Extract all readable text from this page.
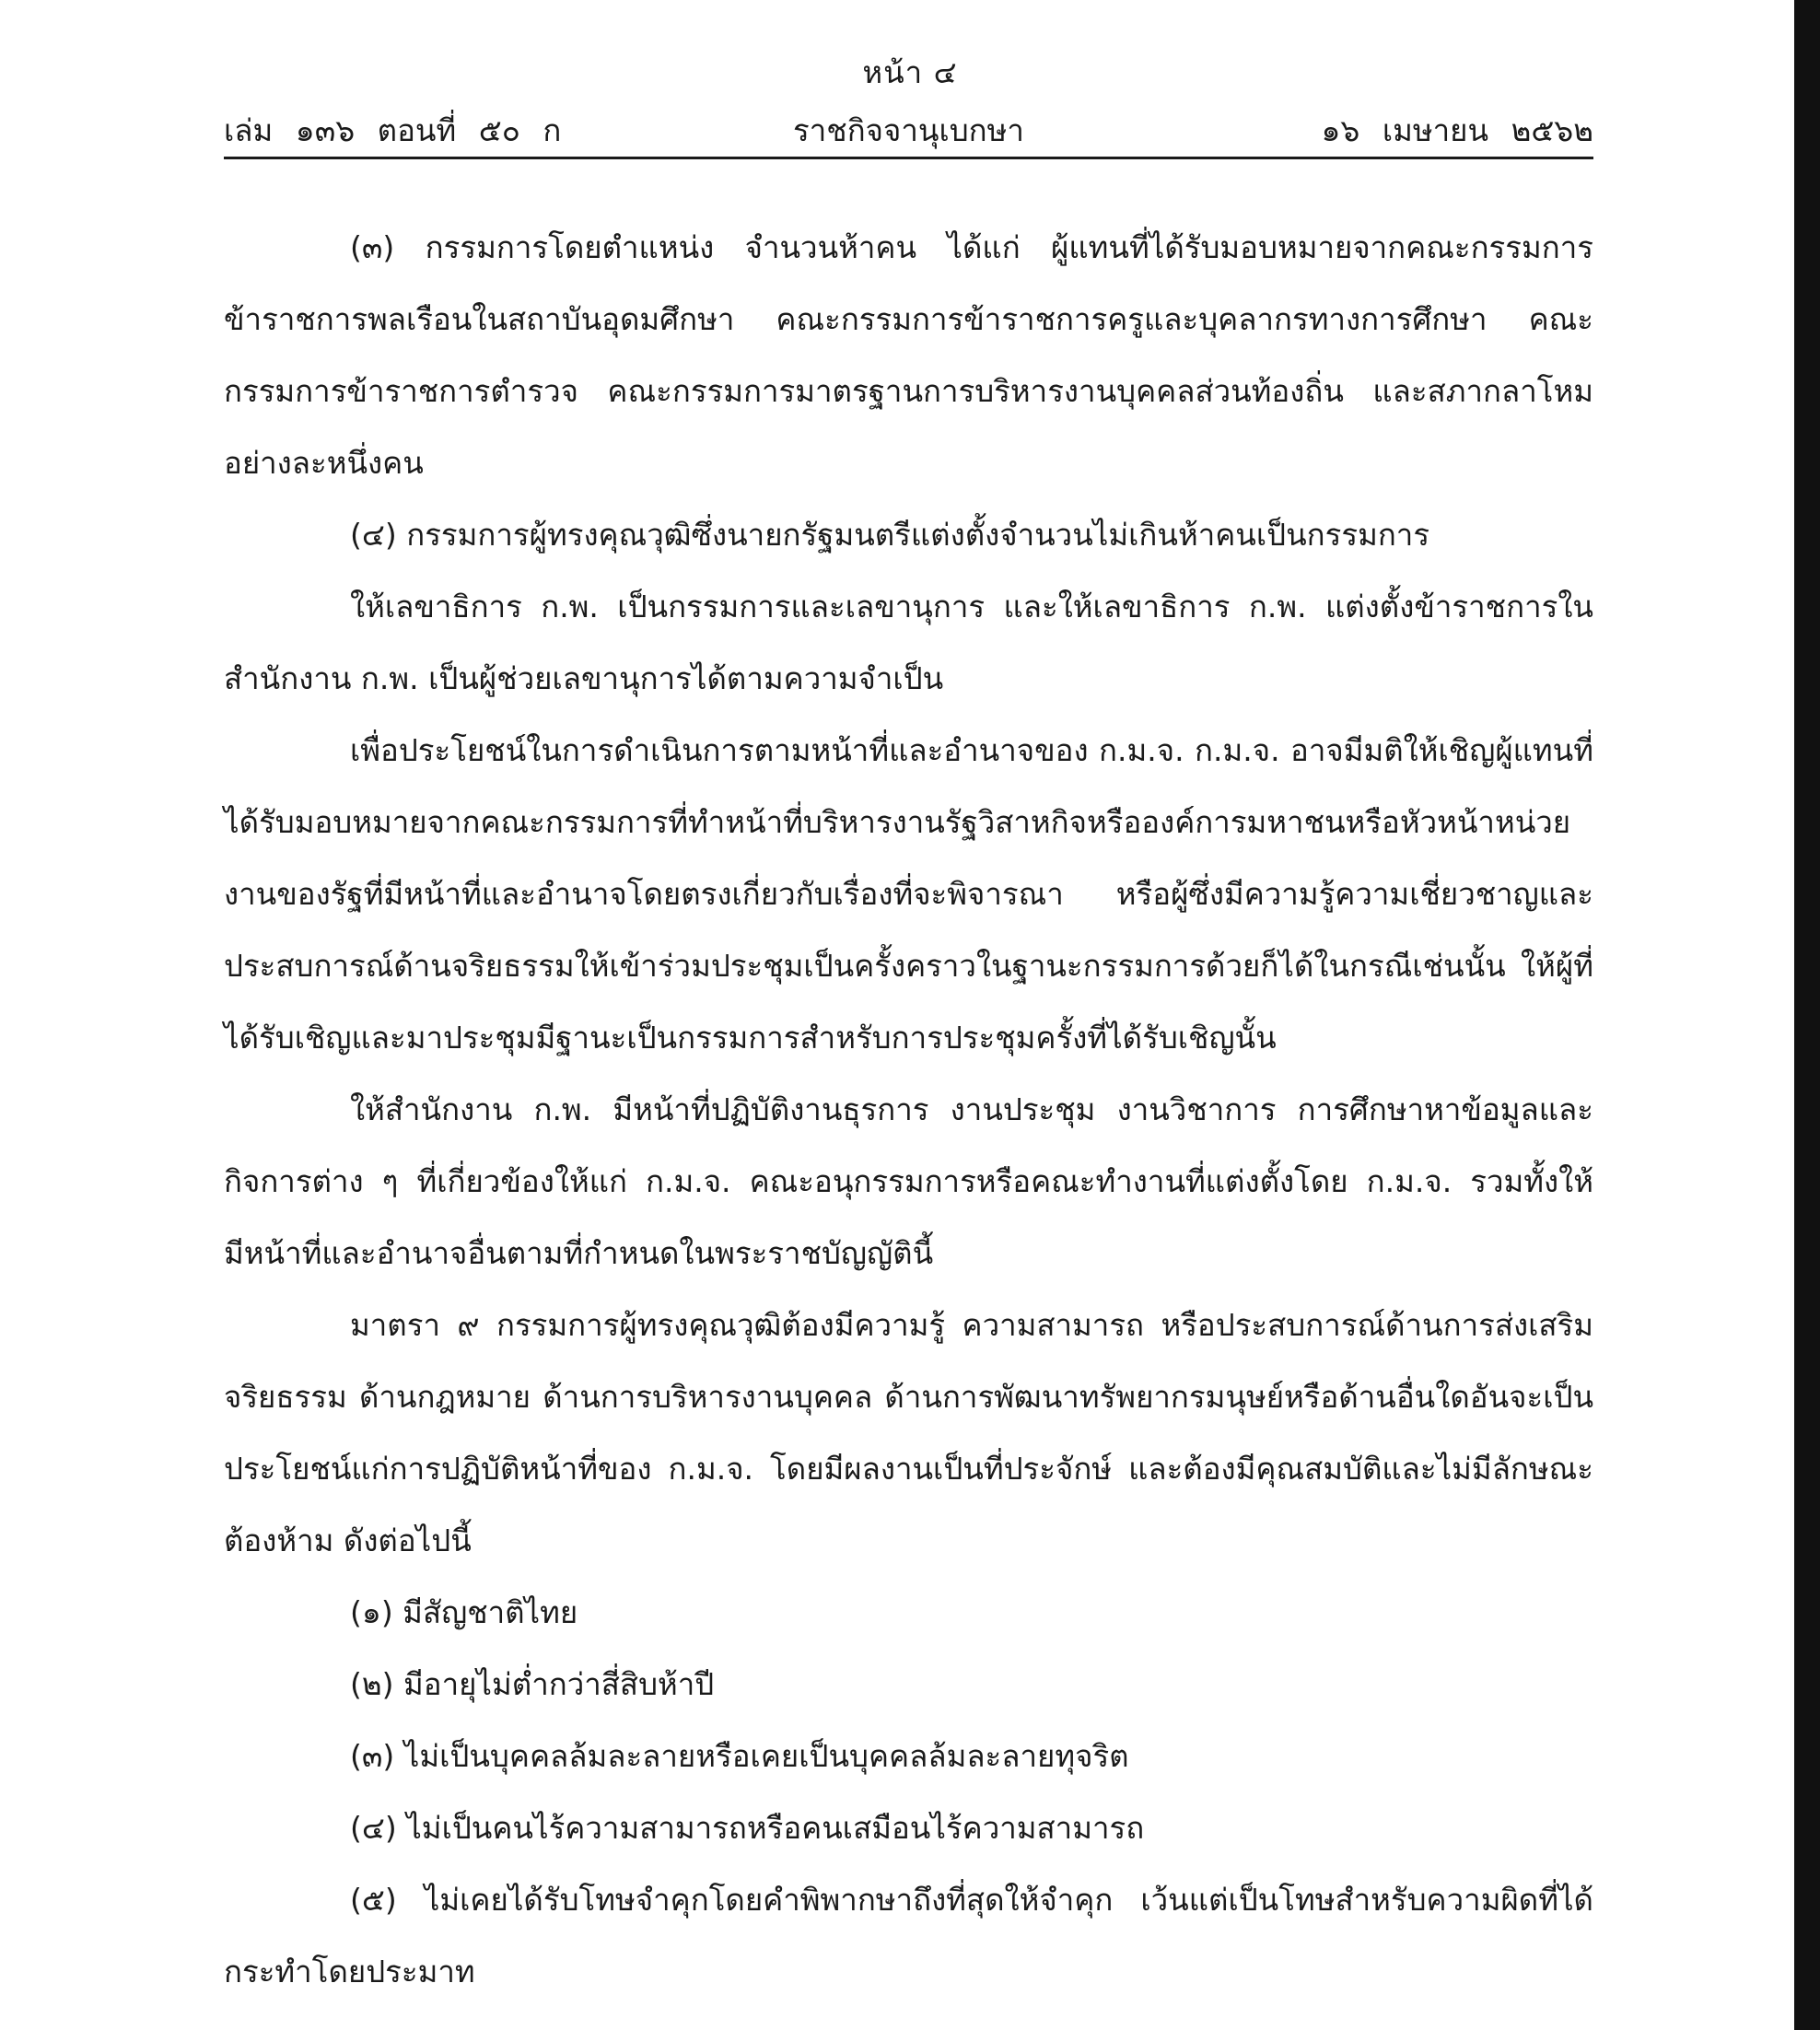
หน้า ๔
เล่ม ๑๓๖ ตอนที่ ๕๐ ก	ราชกิจจานุเบกษา	๑๖ เมษายน ๒๕๖๒

(๓) กรรมการโดยตำแหน่ง จำนวนห้าคน ได้แก่ ผู้แทนที่ได้รับมอบหมายจากคณะกรรมการข้าราชการพลเรือนในสถาบันอุดมศึกษา คณะกรรมการข้าราชการครูและบุคลากรทางการศึกษา คณะกรรมการข้าราชการตำรวจ คณะกรรมการมาตรฐานการบริหารงานบุคคลส่วนท้องถิ่น และสภากลาโหม อย่างละหนึ่งคน

(๔) กรรมการผู้ทรงคุณวุฒิซึ่งนายกรัฐมนตรีแต่งตั้งจำนวนไม่เกินห้าคนเป็นกรรมการ

ให้เลขาธิการ ก.พ. เป็นกรรมการและเลขานุการ และให้เลขาธิการ ก.พ. แต่งตั้งข้าราชการในสำนักงาน ก.พ. เป็นผู้ช่วยเลขานุการได้ตามความจำเป็น

เพื่อประโยชน์ในการดำเนินการตามหน้าที่และอำนาจของ ก.ม.จ. ก.ม.จ. อาจมีมติให้เชิญผู้แทนที่ได้รับมอบหมายจากคณะกรรมการที่ทำหน้าที่บริหารงานรัฐวิสาหกิจหรือองค์การมหาชนหรือหัวหน้าหน่วยงานของรัฐที่มีหน้าที่และอำนาจโดยตรงเกี่ยวกับเรื่องที่จะพิจารณา หรือผู้ซึ่งมีความรู้ความเชี่ยวชาญและประสบการณ์ด้านจริยธรรมให้เข้าร่วมประชุมเป็นครั้งคราวในฐานะกรรมการด้วยก็ได้ในกรณีเช่นนั้น ให้ผู้ที่ได้รับเชิญและมาประชุมมีฐานะเป็นกรรมการสำหรับการประชุมครั้งที่ได้รับเชิญนั้น

ให้สำนักงาน ก.พ. มีหน้าที่ปฏิบัติงานธุรการ งานประชุม งานวิชาการ การศึกษาหาข้อมูลและกิจการต่าง ๆ ที่เกี่ยวข้องให้แก่ ก.ม.จ. คณะอนุกรรมการหรือคณะทำงานที่แต่งตั้งโดย ก.ม.จ. รวมทั้งให้มีหน้าที่และอำนาจอื่นตามที่กำหนดในพระราชบัญญัตินี้

มาตรา ๙ กรรมการผู้ทรงคุณวุฒิต้องมีความรู้ ความสามารถ หรือประสบการณ์ด้านการส่งเสริมจริยธรรม ด้านกฎหมาย ด้านการบริหารงานบุคคล ด้านการพัฒนาทรัพยากรมนุษย์หรือด้านอื่นใดอันจะเป็นประโยชน์แก่การปฏิบัติหน้าที่ของ ก.ม.จ. โดยมีผลงานเป็นที่ประจักษ์ และต้องมีคุณสมบัติและไม่มีลักษณะต้องห้าม ดังต่อไปนี้

(๑) มีสัญชาติไทย

(๒) มีอายุไม่ต่ำกว่าสี่สิบห้าปี

(๓) ไม่เป็นบุคคลล้มละลายหรือเคยเป็นบุคคลล้มละลายทุจริต

(๔) ไม่เป็นคนไร้ความสามารถหรือคนเสมือนไร้ความสามารถ

(๕) ไม่เคยได้รับโทษจำคุกโดยคำพิพากษาถึงที่สุดให้จำคุก เว้นแต่เป็นโทษสำหรับความผิดที่ได้กระทำโดยประมาท
